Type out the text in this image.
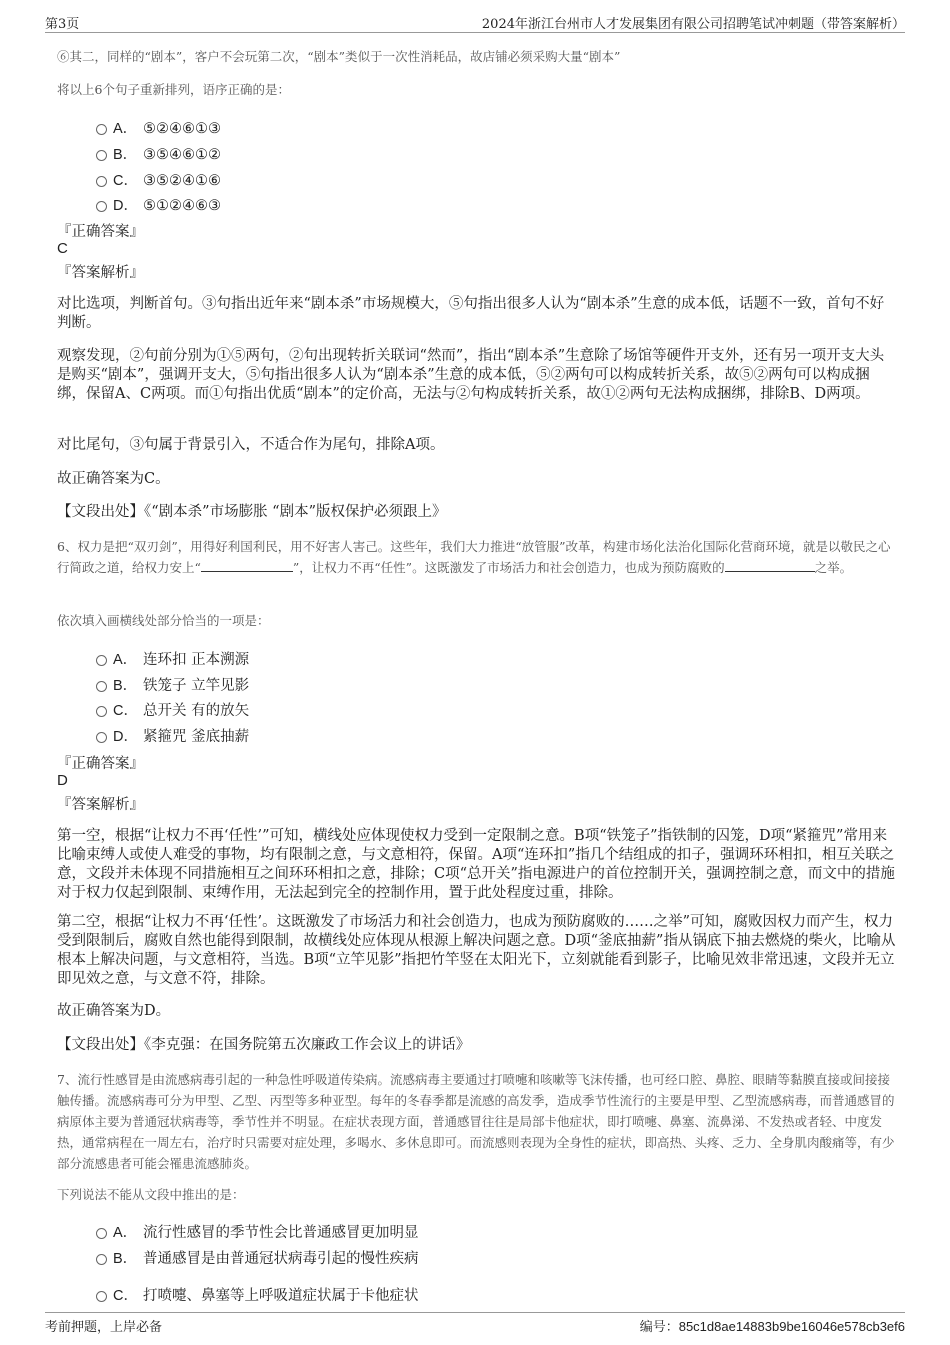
第3页	2024年浙江台州市人才发展集团有限公司招聘笔试冲刺题（带答案解析）
⑥其二，同样的“剧本”，客户不会玩第二次，“剧本”类似于一次性消耗品，故店铺必须采购大量“剧本”
将以上6个句子重新排列，语序正确的是：
A． ⑤②④⑥①③
B． ③⑤④⑥①②
C． ③⑤②④①⑥
D． ⑤①②④⑥③
『正确答案』
C
『答案解析』
对比选项，判断首句。③句指出近年来“剧本杀”市场规模大，⑤句指出很多人认为“剧本杀”生意的成本低，话题不一致，首句不好判断。
观察发现，②句前分别为①⑤两句，②句出现转折关联词“然而”，指出“剧本杀”生意除了场馆等硬件开支外，还有另一项开支大头是购买“剧本”，强调开支大，⑤句指出很多人认为“剧本杀”生意的成本低，⑤②两句可以构成转折关系，故⑤②两句可以构成捆绑，保留A、C两项。而①句指出优质“剧本”的定价高，无法与②句构成转折关系，故①②两句无法构成捆绑，排除B、D两项。
对比尾句，③句属于背景引入，不适合作为尾句，排除A项。
故正确答案为C。
【文段出处】《“剧本杀”市场膨胀 “剧本”版权保护必须跟上》
6、权力是把“双刃剑”，用得好利国利民，用不好害人害己。这些年，我们大力推进“放管服”改革，构建市场化法治化国际化营商环境，就是以敬民之心行简政之道，给权力安上“	”，让权力不再“任性”。这既激发了市场活力和社会创造力，也成为预防腐败的	之举。
依次填入画横线处部分恰当的一项是：
A． 连环扣 正本溯源
B． 铁笼子 立竿见影
C． 总开关 有的放矢
D． 紧箍咒 釜底抽薪
『正确答案』
D
『答案解析』
第一空，根据“让权力不再‘任性’”可知，横线处应体现使权力受到一定限制之意。B项“铁笼子”指铁制的囚笼，D项“紧箍咒”常用来比喻束缚人或使人难受的事物，均有限制之意，与文意相符，保留。A项“连环扣”指几个结组成的扣子，强调环环相扣，相互关联之意，文段并未体现不同措施相互之间环环相扣之意，排除；C项“总开关”指电源进户的首位控制开关，强调控制之意，而文中的措施对于权力仅起到限制、束缚作用，无法起到完全的控制作用，置于此处程度过重，排除。
第二空，根据“让权力不再‘任性’。这既激发了市场活力和社会创造力，也成为预防腐败的……之举”可知，腐败因权力而产生，权力受到限制后，腐败自然也能得到限制，故横线处应体现从根源上解决问题之意。D项“釜底抽薪”指从锅底下抽去燃烧的柴火，比喻从根本上解决问题，与文意相符，当选。B项“立竿见影”指把竹竿竖在太阳光下，立刻就能看到影子，比喻见效非常迅速，文段并无立即见效之意，与文意不符，排除。
故正确答案为D。
【文段出处】《李克强：在国务院第五次廉政工作会议上的讲话》
7、流行性感冒是由流感病毒引起的一种急性呼吸道传染病。流感病毒主要通过打喷嚏和咳嗽等飞沫传播，也可经口腔、鼻腔、眼睛等黏膜直接或间接接触传播。流感病毒可分为甲型、乙型、丙型等多种亚型。每年的冬春季都是流感的高发季，造成季节性流行的主要是甲型、乙型流感病毒，而普通感冒的病原体主要为普通冠状病毒等，季节性并不明显。在症状表现方面，普通感冒往往是局部卡他症状，即打喷嚏、鼻塞、流鼻涕、不发热或者轻、中度发热，通常病程在一周左右，治疗时只需要对症处理，多喝水、多休息即可。而流感则表现为全身性的症状，即高热、头疼、乏力、全身肌肉酸痛等，有少部分流感患者可能会罹患流感肺炎。
下列说法不能从文段中推出的是：
A． 流行性感冒的季节性会比普通感冒更加明显
B． 普通感冒是由普通冠状病毒引起的慢性疾病
C． 打喷嚏、鼻塞等上呼吸道症状属于卡他症状
考前押题，上岸必备	编号：85c1d8ae14883b9be16046e578cb3ef6
